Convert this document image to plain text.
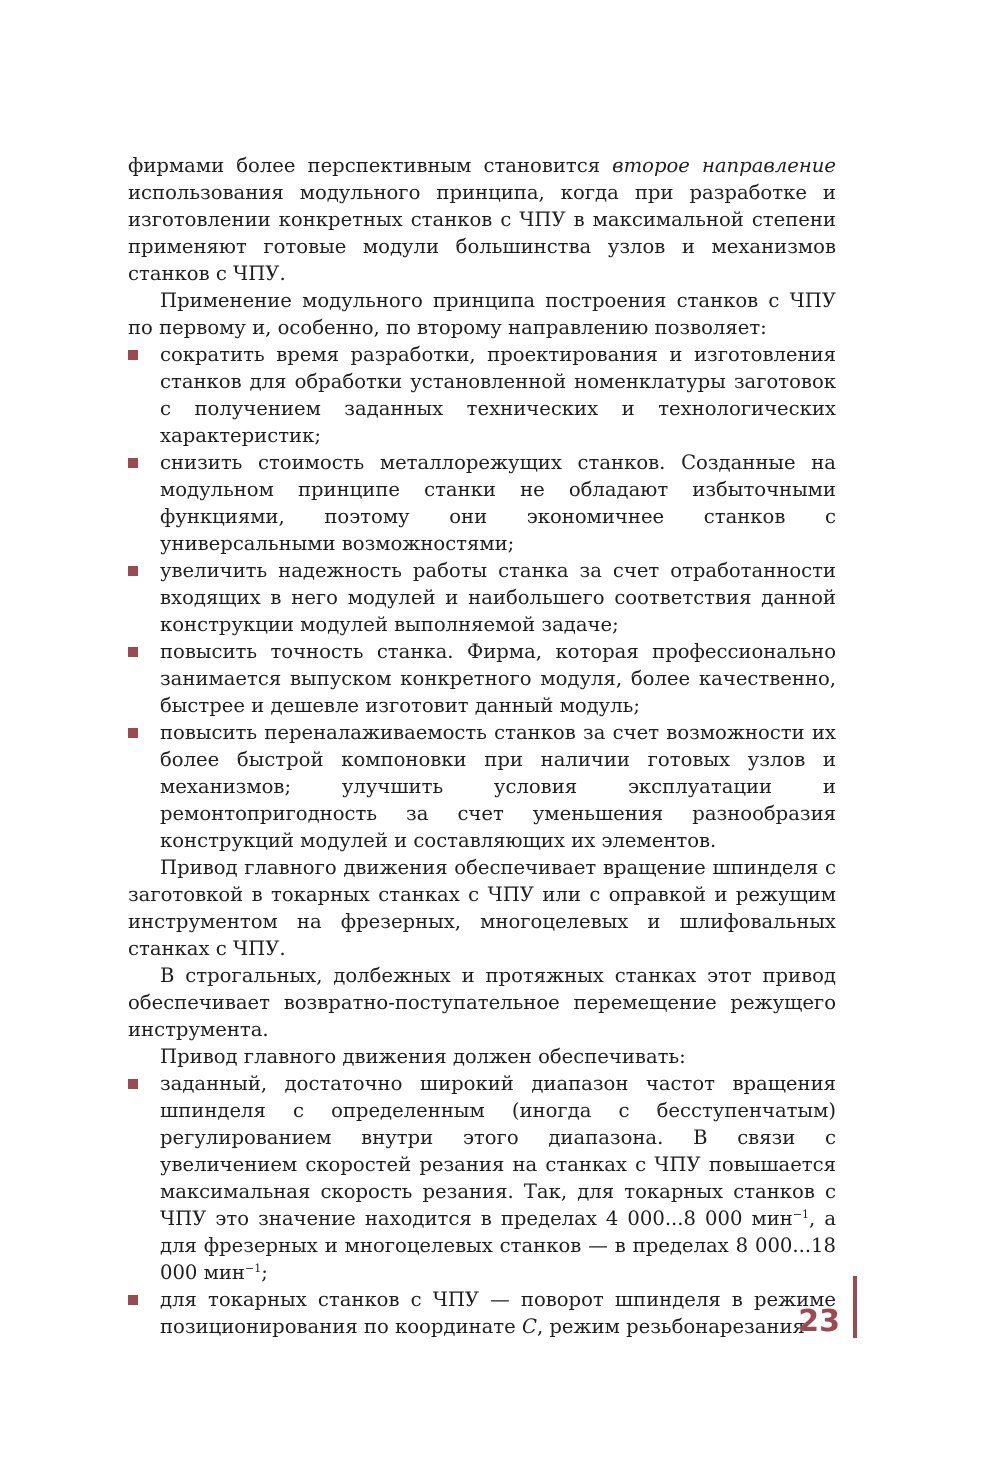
фирмами более перспективным становится второе направление использования модульного принципа, когда при разработке и изготовлении конкретных станков с ЧПУ в максимальной степени применяют готовые модули большинства узлов и механизмов станков с ЧПУ.

Применение модульного принципа построения станков с ЧПУ по первому и, особенно, по второму направлению позволяет:

сократить время разработки, проектирования и изготовления станков для обработки установленной номенклатуры заготовок с получением заданных технических и технологических характеристик;

снизить стоимость металлорежущих станков. Созданные на модульном принципе станки не обладают избыточными функциями, поэтому они экономичнее станков с универсальными возможностями;

увеличить надежность работы станка за счет отработанности входящих в него модулей и наибольшего соответствия данной конструкции модулей выполняемой задаче;

повысить точность станка. Фирма, которая профессионально занимается выпуском конкретного модуля, более качественно, быстрее и дешевле изготовит данный модуль;

повысить переналаживаемость станков за счет возможности их более быстрой компоновки при наличии готовых узлов и механизмов; улучшить условия эксплуатации и ремонтопригодность за счет уменьшения разнообразия конструкций модулей и составляющих их элементов.

Привод главного движения обеспечивает вращение шпинделя с заготовкой в токарных станках с ЧПУ или с оправкой и режущим инструментом на фрезерных, многоцелевых и шлифовальных станках с ЧПУ.

В строгальных, долбежных и протяжных станках этот привод обеспечивает возвратно-поступательное перемещение режущего инструмента.

Привод главного движения должен обеспечивать:

заданный, достаточно широкий диапазон частот вращения шпинделя с определенным (иногда с бесступенчатым) регулированием внутри этого диапазона. В связи с увеличением скоростей резания на станках с ЧПУ повышается максимальная скорость резания. Так, для токарных станков с ЧПУ это значение находится в пределах 4 000...8 000 мин$^{-1}$, а для фрезерных и многоцелевых станков — в пределах 8 000...18 000 мин$^{-1}$;

для токарных станков с ЧПУ — поворот шпинделя в режиме позиционирования по координате C, режим резьбонарезания

23
